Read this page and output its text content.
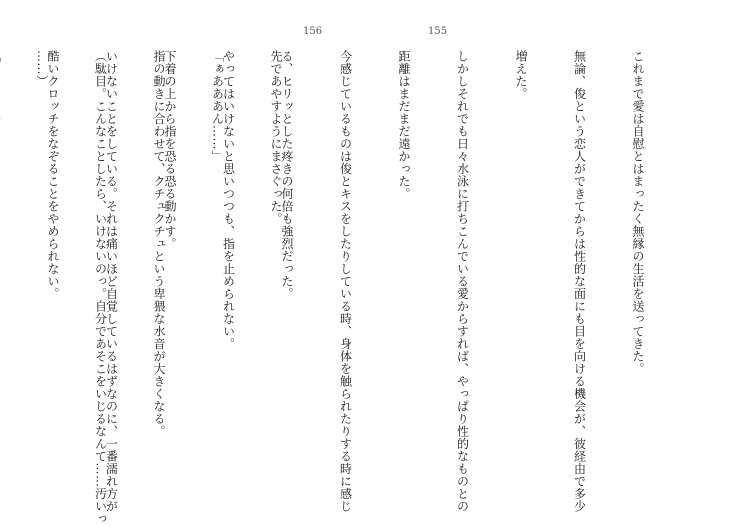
156

先であやすようにまさぐった。

「ぁあああん……」

指の動きに合わせて、クチュクチュという卑猥な水音が大きくなる。

（駄目。こんなことしたら、いけないのっ。自分であそこをいじるなんて……汚いっ

……）

155

これまで愛は自慰とはまったく無縁の生活を送ってきた。

無論、俊という恋人ができてからは性的な面にも目を向ける機会が、彼経由で多少

増えた。

しかしそれでも日々水泳に打ちこんでいる愛からすれば、やっぱり性的なものとの

距離はまだまだ遠かった。

今感じているものは俊とキスをしたりしている時、身体を触られたりする時に感じ

る、ヒリッとした疼きの何倍も強烈だった。

やってはいけないと思いつつも、指を止められない。

下着の上から指を恐る恐る動かす。

いけないことをしている。それは痛いほど自覚しているはずなのに、一番濡れ方が

酷いクロッチをなぞることをやめられない。
